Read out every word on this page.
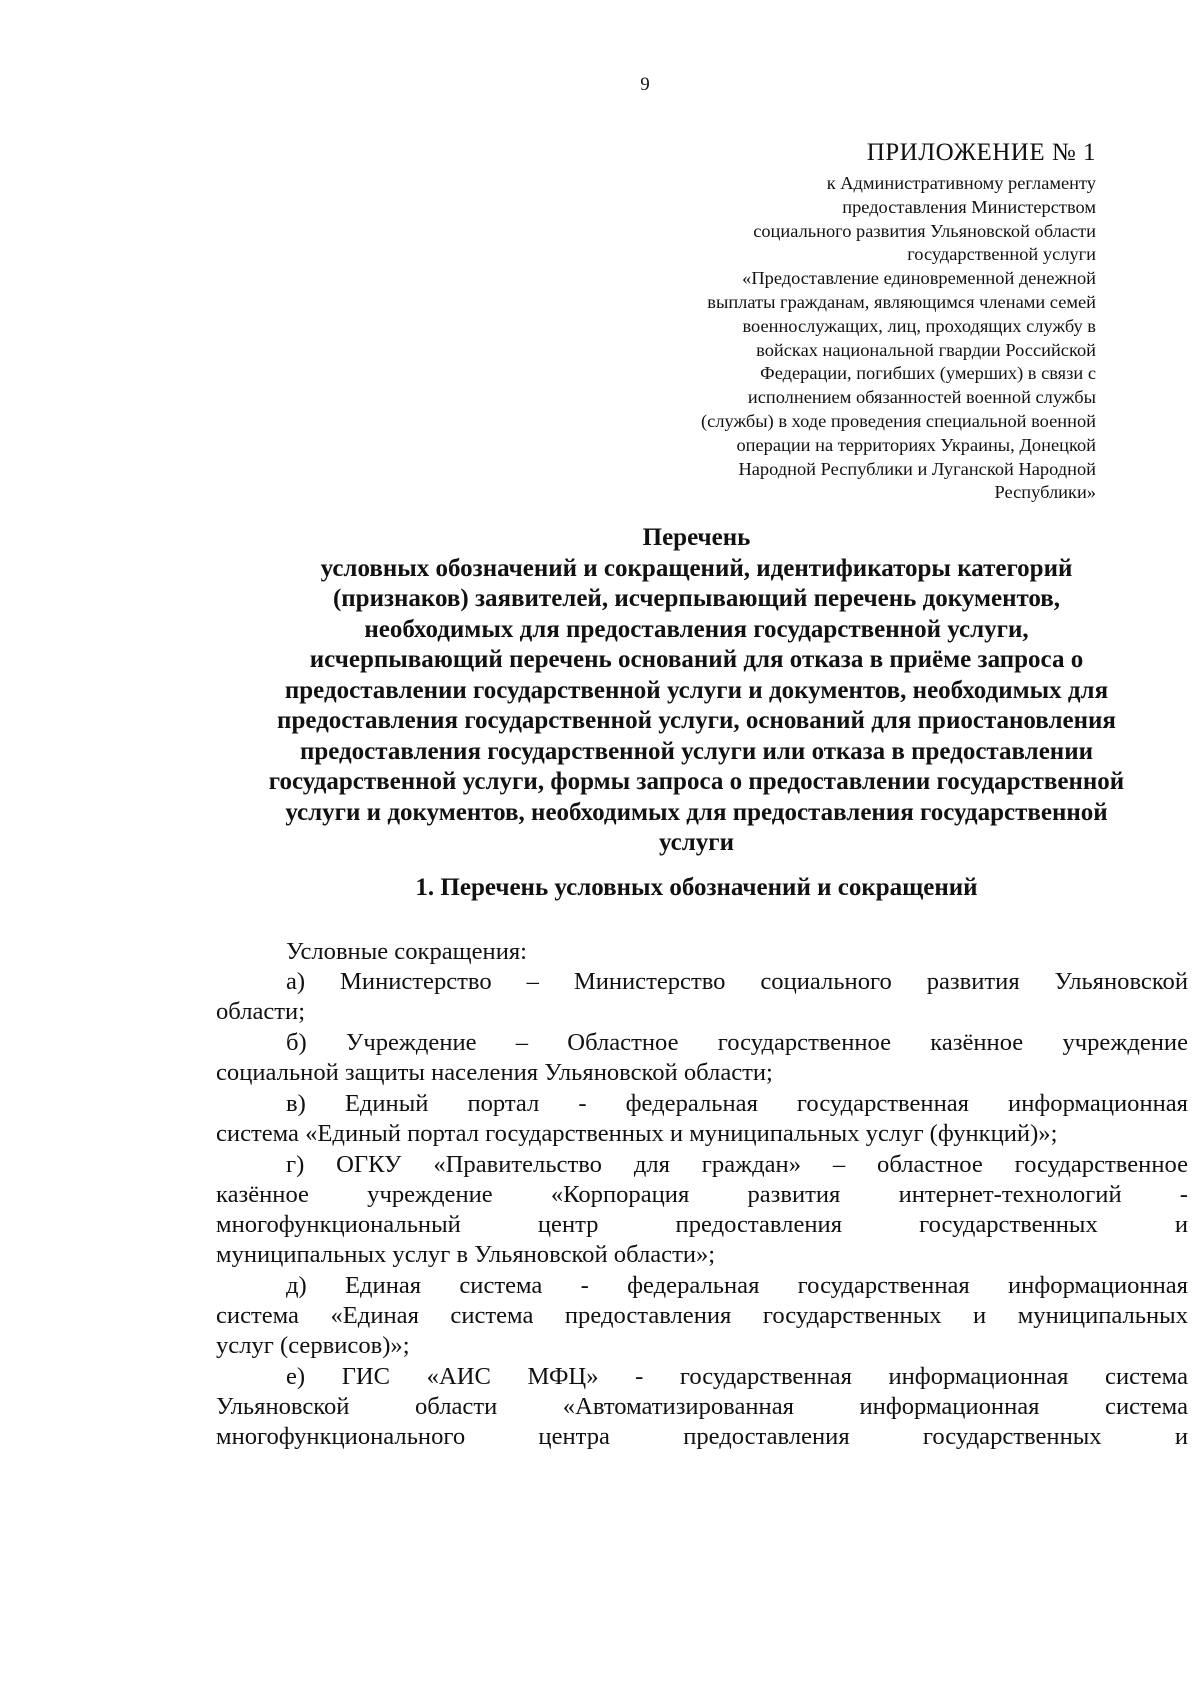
9
ПРИЛОЖЕНИЕ № 1
к Административному регламенту
предоставления Министерством
социального развития Ульяновской области
государственной услуги
«Предоставление единовременной денежной
выплаты гражданам, являющимся членами семей
военнослужащих, лиц, проходящих службу в
войсках национальной гвардии Российской
Федерации, погибших (умерших) в связи с
исполнением обязанностей военной службы
(службы) в ходе проведения специальной военной
операции на территориях Украины, Донецкой
Народной Республики и Луганской Народной
Республики»
Перечень
условных обозначений и сокращений, идентификаторы категорий
(признаков) заявителей, исчерпывающий перечень документов,
необходимых для предоставления государственной услуги,
исчерпывающий перечень оснований для отказа в приёме запроса о
предоставлении государственной услуги и документов, необходимых для
предоставления государственной услуги, оснований для приостановления
предоставления государственной услуги или отказа в предоставлении
государственной услуги, формы запроса о предоставлении государственной
услуги и документов, необходимых для предоставления государственной
услуги
1. Перечень условных обозначений и сокращений
Условные сокращения:
а) Министерство – Министерство социального развития Ульяновской
области;
б) Учреждение – Областное государственное казённое учреждение
социальной защиты населения Ульяновской области;
в) Единый портал - федеральная государственная информационная
система «Единый портал государственных и муниципальных услуг (функций)»;
г) ОГКУ «Правительство для граждан» – областное государственное
казённое учреждение «Корпорация развития интернет-технологий -
многофункциональный центр предоставления государственных и
муниципальных услуг в Ульяновской области»;
д) Единая система - федеральная государственная информационная
система «Единая система предоставления государственных и муниципальных
услуг (сервисов)»;
е) ГИС «АИС МФЦ» - государственная информационная система
Ульяновской области «Автоматизированная информационная система
многофункционального центра предоставления государственных и
